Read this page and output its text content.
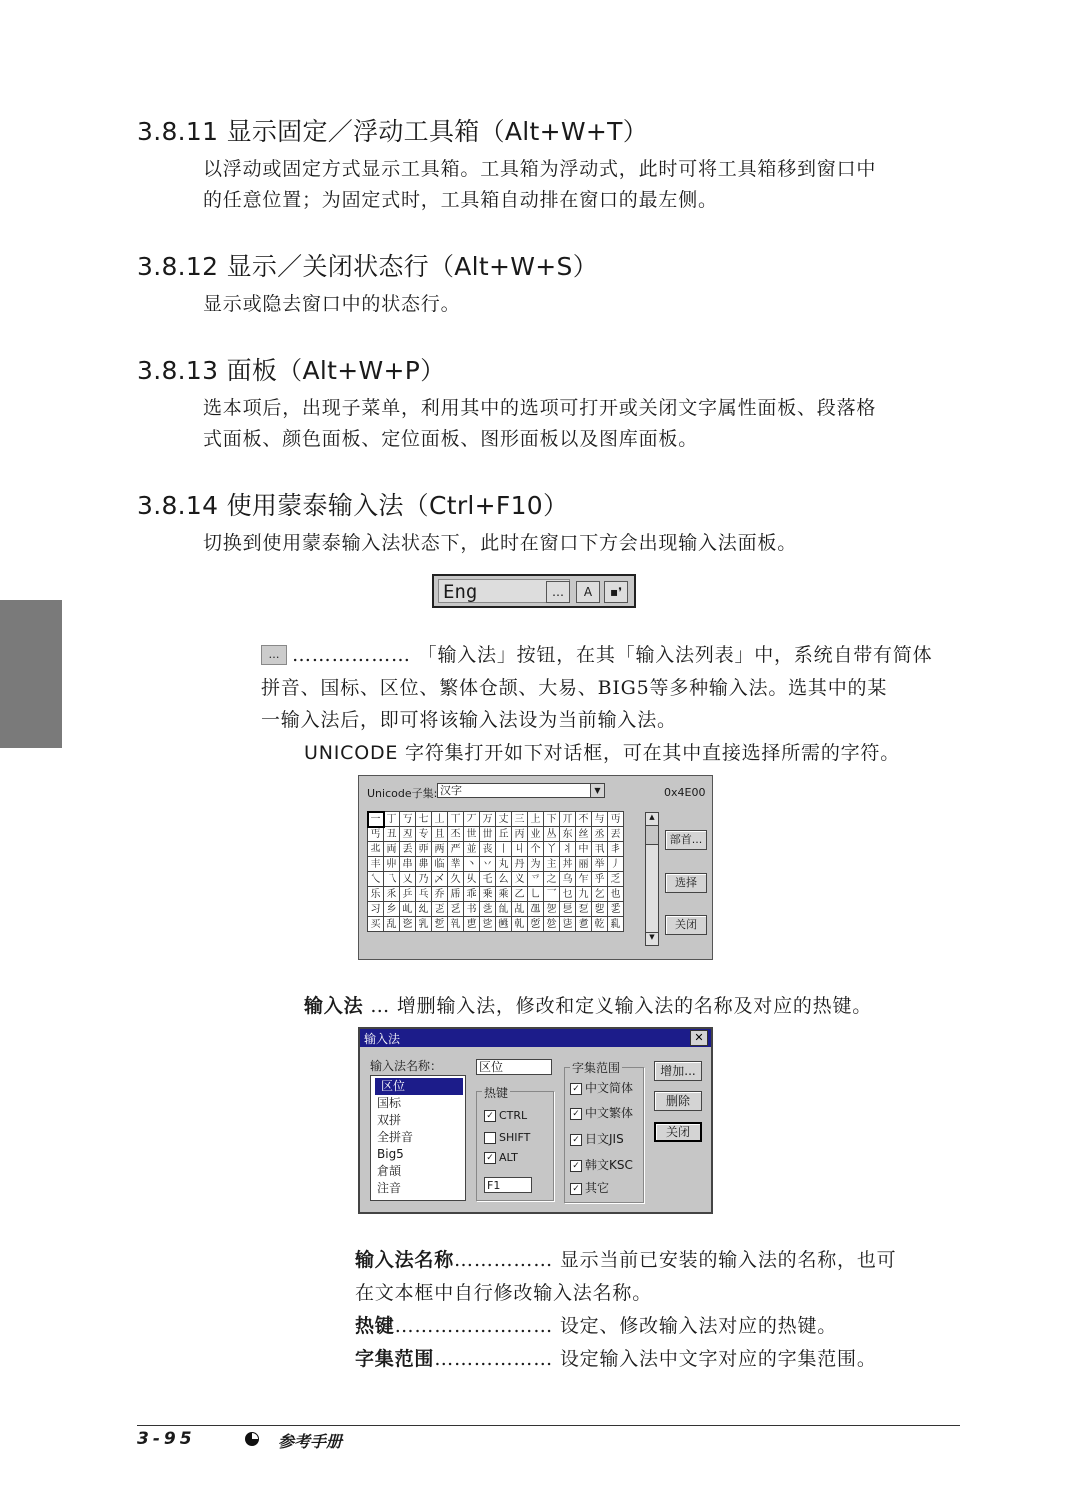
3.8.11 显示固定／浮动工具箱（Alt+W+T）
以浮动或固定方式显示工具箱。工具箱为浮动式，此时可将工具箱移到窗口中
的任意位置；为固定式时，工具箱自动排在窗口的最左侧。
3.8.12 显示／关闭状态行（Alt+W+S）
显示或隐去窗口中的状态行。
3.8.13 面板（Alt+W+P）
选本项后，出现子菜单，利用其中的选项可打开或关闭文字属性面板、段落格
式面板、颜色面板、定位面板、图形面板以及图库面板。
3.8.14 使用蒙泰输入法（Ctrl+F10）
切换到使用蒙泰输入法状态下，此时在窗口下方会出现输入法面板。
Eng	…	A	▪❜
… ……………… 「输入法」按钮，在其「输入法列表」中，系统自带有简体
拼音、国标、区位、繁体仓颉、大易、BIG5等多种输入法。选其中的某
一输入法后，即可将该输入法设为当前输入法。
UNICODE 字符集打开如下对话框，可在其中直接选择所需的字符。
Unicode子集: 汉字	▼	0x4E00
▲
▼
部首...
选择
关闭
一	丁	丂	七	丄	丅	丆	万	丈	三	上	下	丌	不	与	丏
丐	丑	丒	专	且	丕	世	丗	丘	丙	业	丛	东	丝	丞	丟
丠	両	丢	丣	两	严	並	丧	丨	丩	个	丫	丬	中	丮	丯
丰	丱	串	丳	临	丵	丶	丷	丸	丹	为	主	丼	丽	举	丿
乀	乁	乂	乃	乄	久	乆	乇	么	义	乊	之	乌	乍	乎	乏
乐	乑	乒	乓	乔	乕	乖	乗	乘	乙	乚	乛	乜	九	乞	也
习	乡	乢	乣	乤	乥	书	乧	乨	乩	乪	乫	乬	乭	乮	乯
买	乱	乲	乳	乴	乵	乶	乷	乸	乹	乺	乻	乼	乽	乾	乿
输入法 … 增删输入法，修改和定义输入法的名称及对应的热键。
输入法	✕
输入法名称：	区位
区位
国标
双拼
全拼音
Big5
倉頡
注音
热键
✓ CTRL
SHIFT
✓ ALT
F1
字集范围
✓ 中文简体
✓ 中文繁体
✓ 日文JIS
✓ 韩文KSC
✓ 其它
增加...
删除
关闭
输入法名称…………… 显示当前已安装的输入法的名称，也可
在文本框中自行修改输入法名称。
热键…………………… 设定、修改输入法对应的热键。
字集范围……………… 设定输入法中文字对应的字集范围。
3-95	参考手册
